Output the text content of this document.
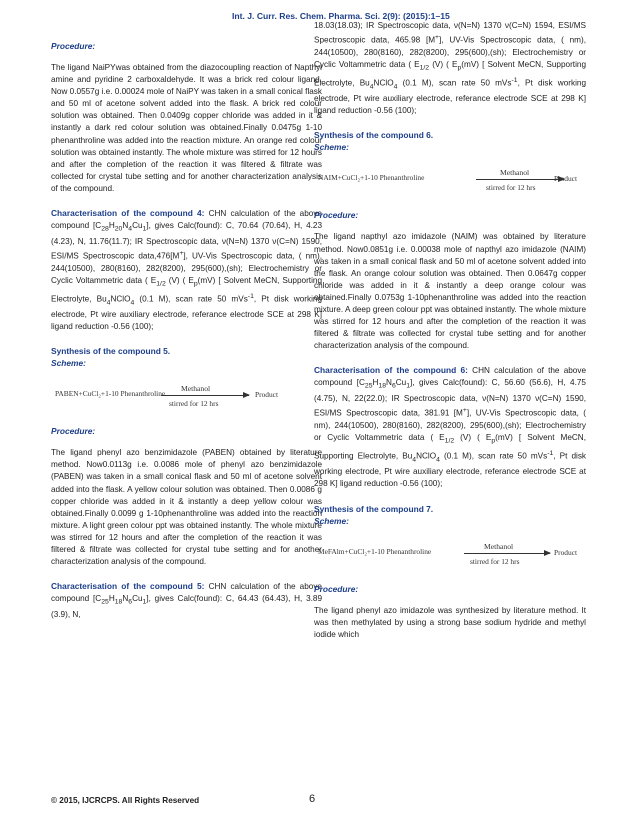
Int. J. Curr. Res. Chem. Pharma. Sci. 2(9): (2015):1–15

Procedure:

The ligand NaiPYwas obtained from the diazocoupling reaction of Napthyl amine and pyridine 2 carboxaldehyde. It was a brick red colour ligand. Now 0.0557g i.e. 0.00024 mole of NaiPY was taken in a small conical flask and 50 ml of acetone solvent added into the flask. A brick red colour solution was obtained. Then 0.0409g copper chloride was added in it & instantly a dark red colour solution was obtained.Finally 0.0475g 1-10 phenanthroline was added into the reaction mixture. An orange red colour solution was obtained instantly. The whole mixture was stirred for 12 hours and after the completion of the reaction it was filtered & filtrate was collected for crystal tube setting and for another characterization analysis of the compound.

Characterisation of the compound 4: CHN calculation of the above compound $[C_{28}H_{20}N_4Cu_1]$, gives Calc(found): C, 70.64 (70.64), H, 4.23 (4.23), N, 11.76(11.7); IR Spectroscopic data, ν(N=N) 1370 ν(C=N) 1590, ESI/MS Spectroscopic data,476[M+], UV-Vis Spectroscopic data, ( nm), 244(10500), 280(8160), 282(8200), 295(600),(sh); Electrochemistry or Cyclic Voltammetric data ( $E_{1/2}$ (V) ( $E_p(mV)$ [ Solvent MeCN, Supporting Electrolyte, $Bu_4NClO_4$ (0.1 M), scan rate 50 mVs$^{-1}$, Pt disk working electrode, Pt wire auxiliary electrode, referance electrode SCE at 298 K] ligand reduction -0.56 (100);

Synthesis of the compound 5.

Scheme:

PABEN+CuCl₂+1-10 Phenanthroline
Methanol
stirred for 12 hrs
Product

Procedure:

The ligand phenyl azo benzimidazole (PABEN) obtained by literature method. Now0.0113g i.e. 0.0086 mole of phenyl azo benzimidazole (PABEN) was taken in a small conical flask and 50 ml of acetone solvent added into the flask. A yellow colour solution was obtained. Then 0.0086 g copper chloride was added in it & instantly a deep yellow colour was obtained.Finally 0.0099 g 1-10phenanthroline was added into the reaction mixture. A light green colour ppt was obtained instantly. The whole mixture was stirred for 12 hours and after the completion of the reaction it was filtered & filtrate was collected for crystal tube setting and for another characterization analysis of the compound.

Characterisation of the compound 5: CHN calculation of the above compound $[C_{25}H_{18}N_6Cu_1]$, gives Calc(found): C, 64.43 (64.43), H, 3.89 (3.9), N,

18.03(18.03); IR Spectroscopic data, ν(N=N) 1370 ν(C=N) 1594, ESI/MS Spectroscopic data, 465.98 [M+], UV-Vis Spectroscopic data, ( nm), 244(10500), 280(8160), 282(8200), 295(600),(sh); Electrochemistry or Cyclic Voltammetric data ( $E_{1/2}$ (V) ( $E_p(mV)$ [ Solvent MeCN, Supporting Electrolyte, $Bu_4NClO_4$ (0.1 M), scan rate 50 mVs$^{-1}$, Pt disk working electrode, Pt wire auxiliary electrode, referance electrode SCE at 298 K] ligand reduction -0.56 (100);

Synthesis of the compound 6.

Scheme:

NAIM+CuCl₂+1-10 Phenanthroline
Methanol
stirred for 12 hrs
Product

Procedure:

The ligand napthyl azo imidazole (NAIM) was obtained by literature method. Now0.0851g i.e. 0.00038 mole of napthyl azo imidazole (NAIM) was taken in a small conical flask and 50 ml of acetone solvent added into the flask. An orange colour solution was obtained. Then 0.0647g copper chloride was added in it & instantly a deep orange colour was obtained.Finally 0.0753g 1-10phenanthroline was added into the reaction mixture. A deep green colour ppt was obtained instantly. The whole mixture was stirred for 12 hours and after the completion of the reaction it was filtered & filtrate was collected for crystal tube setting and for another characterization analysis of the compound.

Characterisation of the compound 6: CHN calculation of the above compound $[C_{25}H_{18}N_6Cu_1]$, gives Calc(found): C, 56.60 (56.6), H, 4.75 (4.75), N, 22(22.0); IR Spectroscopic data, ν(N=N) 1370 ν(C=N) 1590, ESI/MS Spectroscopic data, 381.91 [M+], UV-Vis Spectroscopic data, ( nm), 244(10500), 280(8160), 282(8200), 295(600),(sh); Electrochemistry or Cyclic Voltammetric data ( $E_{1/2}$ (V) ( $E_p(mV)$ [ Solvent MeCN, Supporting Electrolyte, $Bu_4NClO_4$ (0.1 M), scan rate 50 mVs$^{-1}$, Pt disk working electrode, Pt wire auxiliary electrode, referance electrode SCE at 298 K] ligand reduction -0.56 (100);

Synthesis of the compound 7.

Scheme:

MeFAlm+CuCl₂+1-10 Phenanthroline
Methanol
stirred for 12 hrs
Product

Procedure:

The ligand phenyl azo imidazole was synthesized by literature method. It was then methylated by using a strong base sodium hydride and methyl iodide which

© 2015, IJCRCPS. All Rights Reserved	6
